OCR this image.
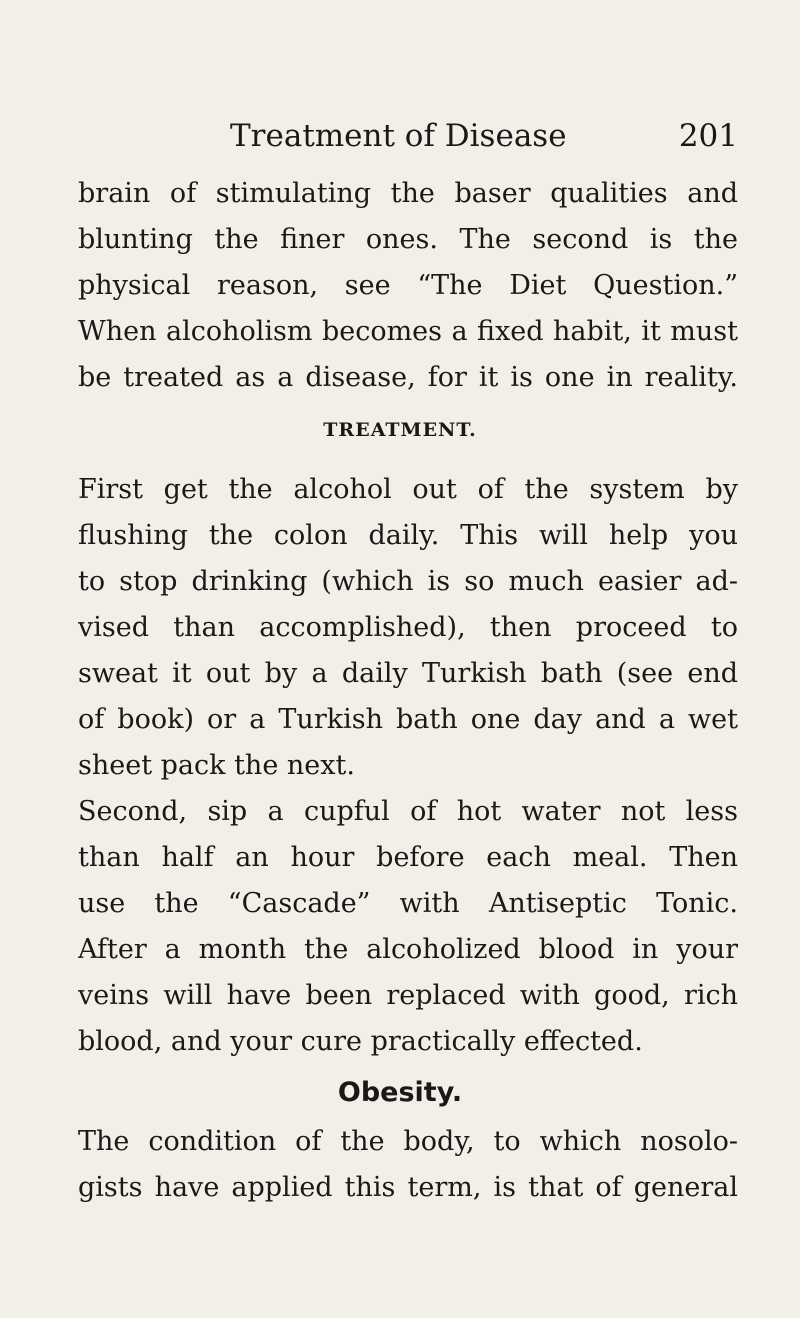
Treatment of Disease	201
brain of stimulating the baser qualities and
blunting the finer ones. The second is the
physical reason, see “The Diet Question.”
When alcoholism becomes a fixed habit, it must
be treated as a disease, for it is one in reality.
TREATMENT.
First get the alcohol out of the system by
flushing the colon daily. This will help you
to stop drinking (which is so much easier ad-
vised than accomplished), then proceed to
sweat it out by a daily Turkish bath (see end
of book) or a Turkish bath one day and a wet
sheet pack the next.
Second, sip a cupful of hot water not less
than half an hour before each meal. Then
use the “Cascade” with Antiseptic Tonic.
After a month the alcoholized blood in your
veins will have been replaced with good, rich
blood, and your cure practically effected.
Obesity.
The condition of the body, to which nosolo-
gists have applied this term, is that of general
